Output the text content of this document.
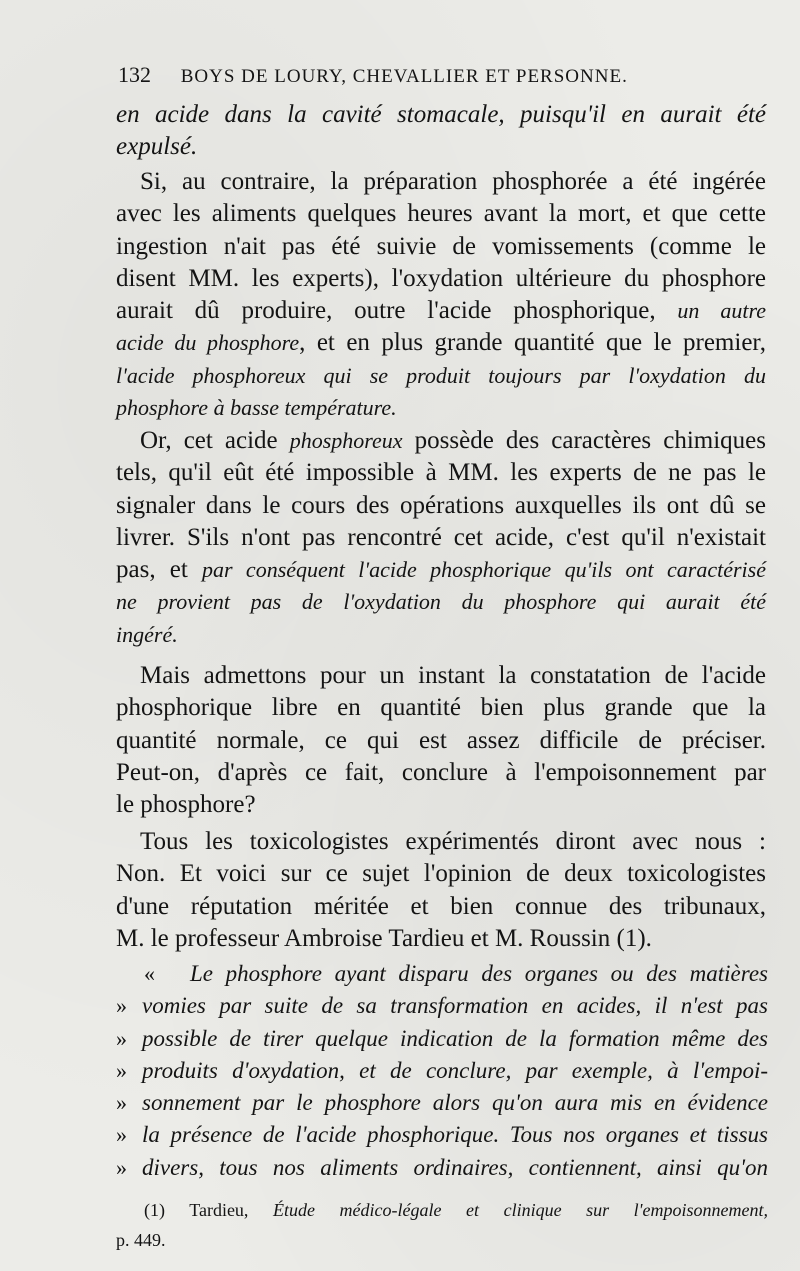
132 BOYS DE LOURY, CHEVALLIER ET PERSONNE.
en acide dans la cavité stomacale, puisqu'il en aurait été
expulsé.
Si, au contraire, la préparation phosphorée a été ingérée
avec les aliments quelques heures avant la mort, et que cette
ingestion n'ait pas été suivie de vomissements (comme le
disent MM. les experts), l'oxydation ultérieure du phosphore
aurait dû produire, outre l'acide phosphorique, un autre
acide du phosphore, et en plus grande quantité que le premier,
l'acide phosphoreux qui se produit toujours par l'oxydation du
phosphore à basse température.
Or, cet acide phosphoreux possède des caractères chimiques
tels, qu'il eût été impossible à MM. les experts de ne pas le
signaler dans le cours des opérations auxquelles ils ont dû se
livrer. S'ils n'ont pas rencontré cet acide, c'est qu'il n'existait
pas, et par conséquent l'acide phosphorique qu'ils ont caractérisé
ne provient pas de l'oxydation du phosphore qui aurait été
ingéré.
Mais admettons pour un instant la constatation de l'acide
phosphorique libre en quantité bien plus grande que la
quantité normale, ce qui est assez difficile de préciser.
Peut-on, d'après ce fait, conclure à l'empoisonnement par
le phosphore?
Tous les toxicologistes expérimentés diront avec nous :
Non. Et voici sur ce sujet l'opinion de deux toxicologistes
d'une réputation méritée et bien connue des tribunaux,
M. le professeur Ambroise Tardieu et M. Roussin (1).
«	Le phosphore ayant disparu des organes ou des matières
» vomies par suite de sa transformation en acides, il n'est pas
» possible de tirer quelque indication de la formation même des
» produits d'oxydation, et de conclure, par exemple, à l'empoi-
» sonnement par le phosphore alors qu'on aura mis en évidence
» la présence de l'acide phosphorique. Tous nos organes et tissus
» divers, tous nos aliments ordinaires, contiennent, ainsi qu'on
(1) Tardieu, Étude médico-légale et clinique sur l'empoisonnement,
p. 449.
